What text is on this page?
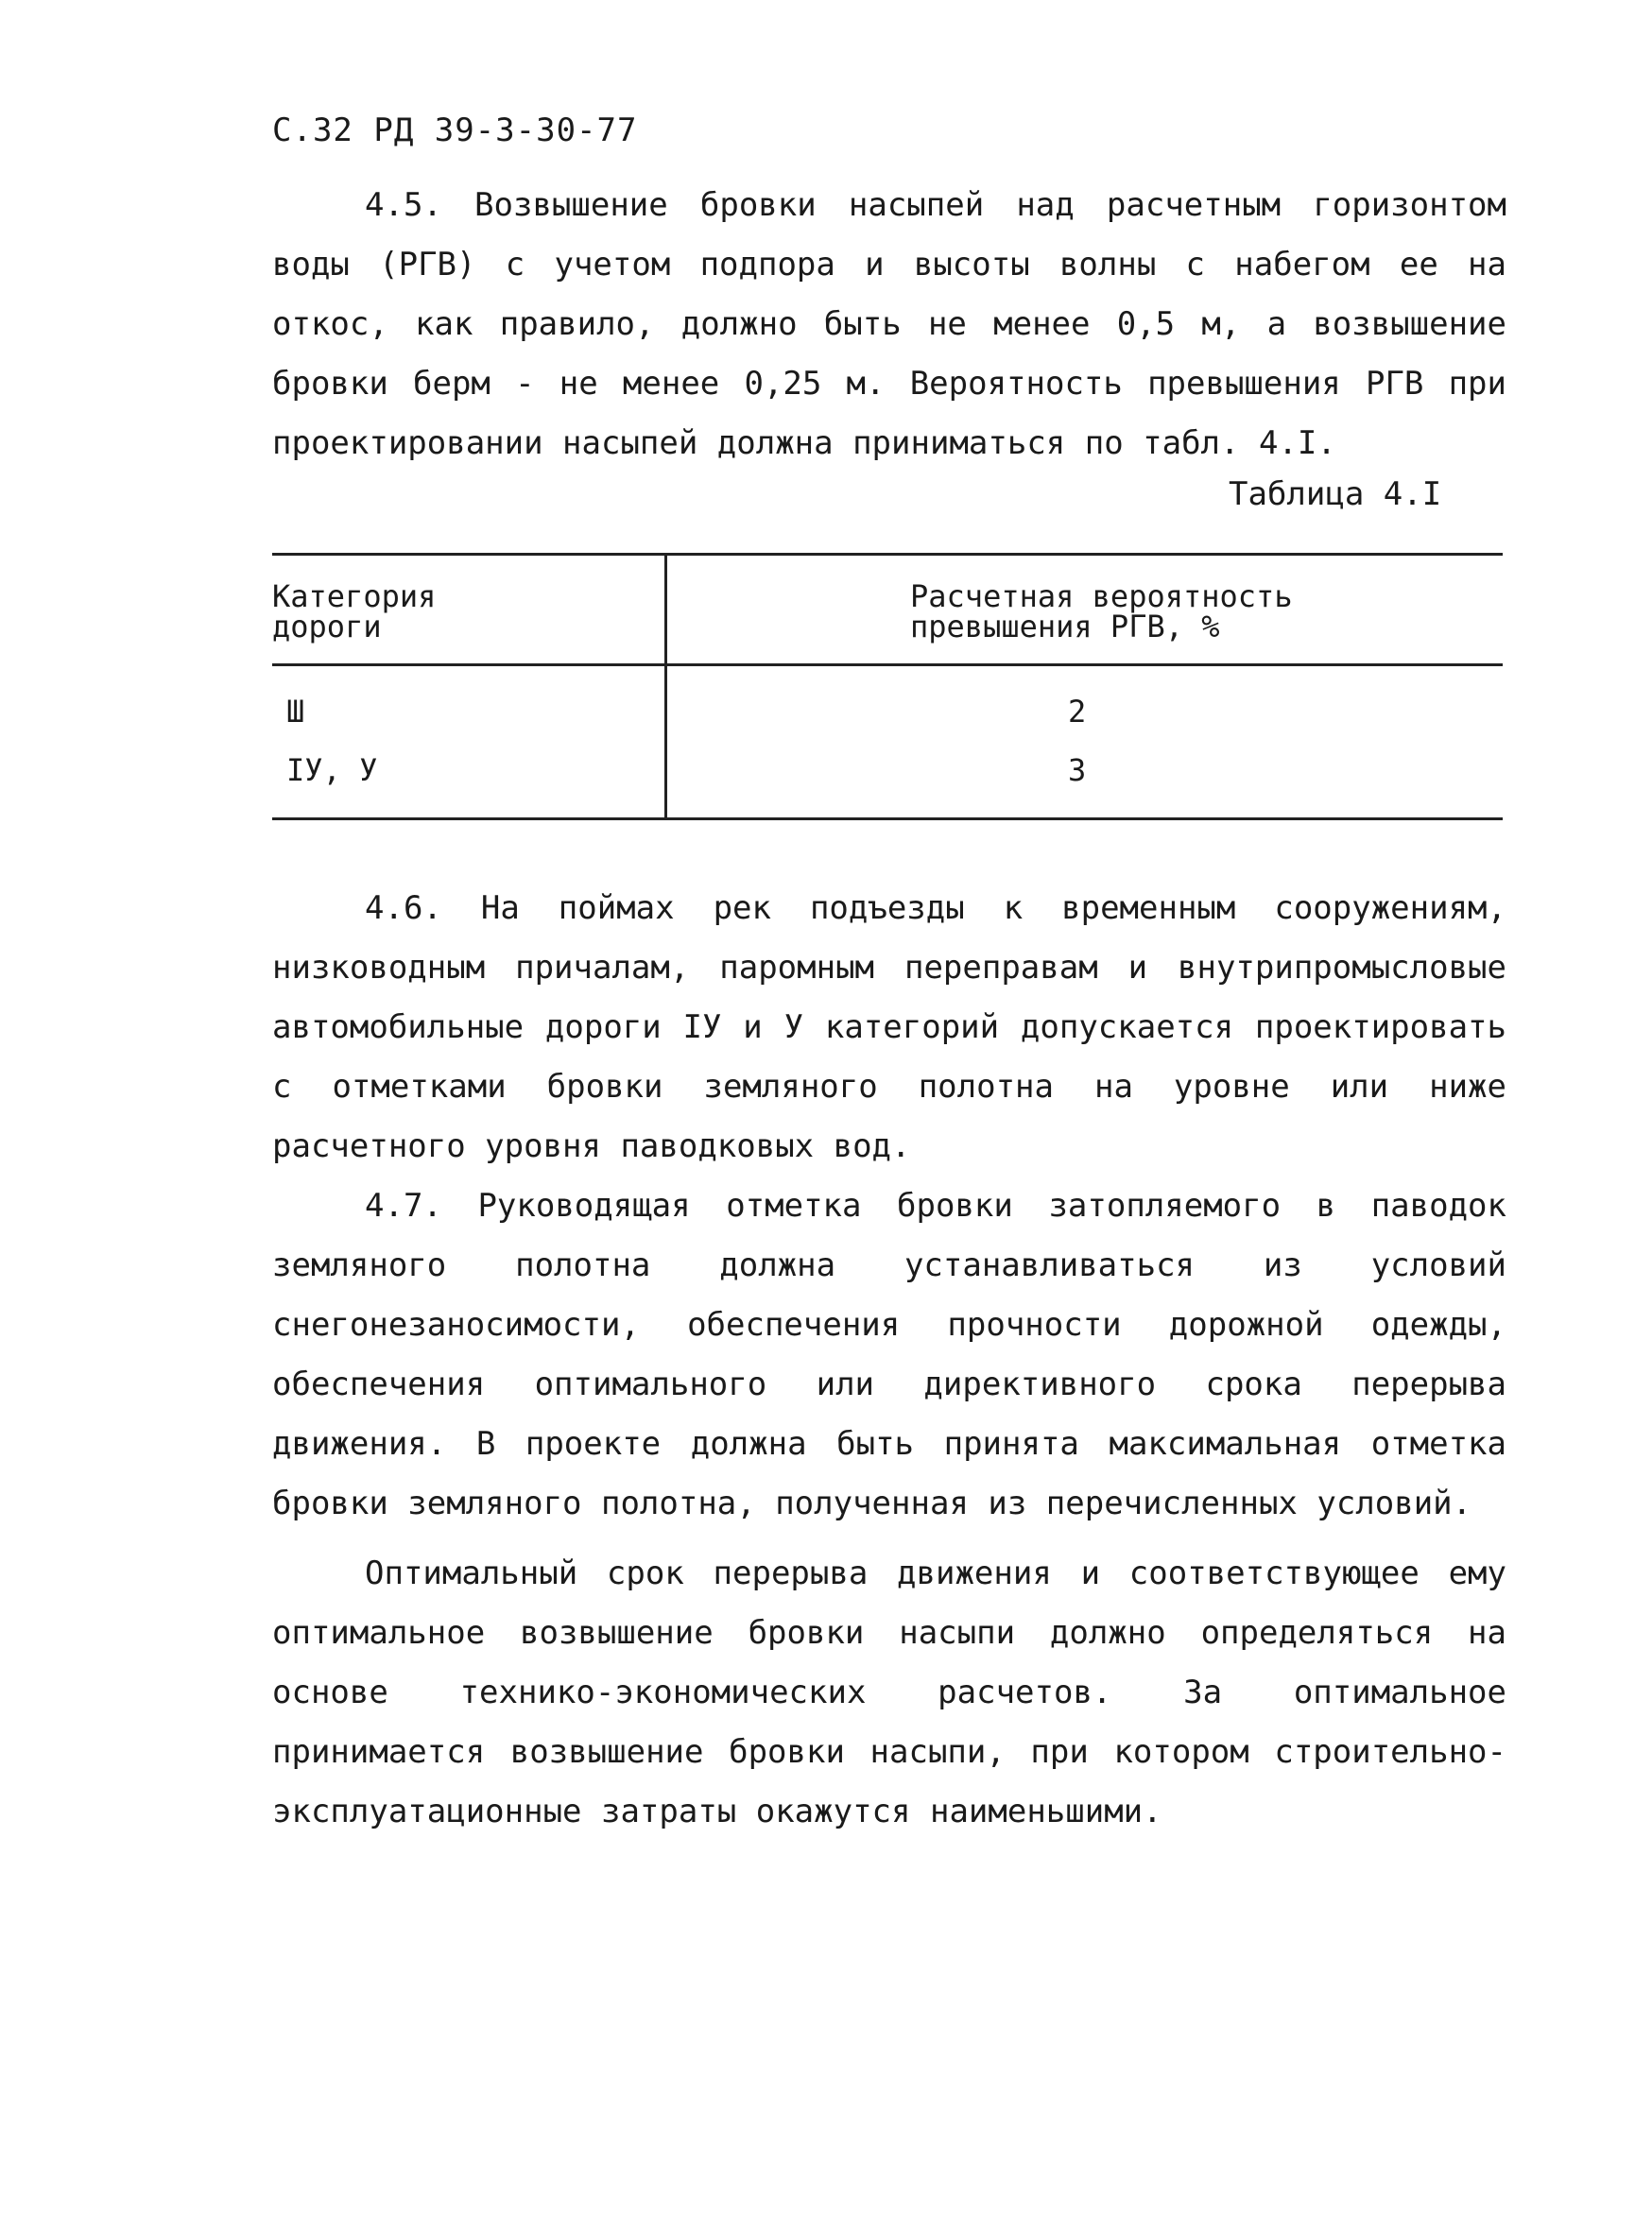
С.32 РД 39-3-30-77

4.5. Возвышение бровки насыпей над расчетным горизонтом воды (РГВ) с учетом подпора и высоты волны с набегом ее на откос, как правило, должно быть не менее 0,5 м, а возвышение бровки берм - не менее 0,25 м. Вероятность превышения РГВ при проектировании насыпей должна приниматься по табл. 4.I.

Таблица 4.I
Категория
дороги
Расчетная вероятность
превышения РГВ, %
Ш	2
IУ, У	3

4.6. На поймах рек подъезды к временным сооружениям, низководным причалам, паромным переправам и внутрипромысловые автомобильные дороги IУ и У категорий допускается проектировать с отметками бровки земляного полотна на уровне или ниже расчетного уровня паводковых вод.

4.7. Руководящая отметка бровки затопляемого в паводок земляного полотна должна устанавливаться из условий снегонезаносимости, обеспечения прочности дорожной одежды, обеспечения оптимального или директивного срока перерыва движения. В проекте должна быть принята максимальная отметка бровки земляного полотна, полученная из перечисленных условий.

Оптимальный срок перерыва движения и соответствующее ему оптимальное возвышение бровки насыпи должно определяться на основе технико-экономических расчетов. За оптимальное принимается возвышение бровки насыпи, при котором строительно-эксплуатационные затраты окажутся наименьшими.
